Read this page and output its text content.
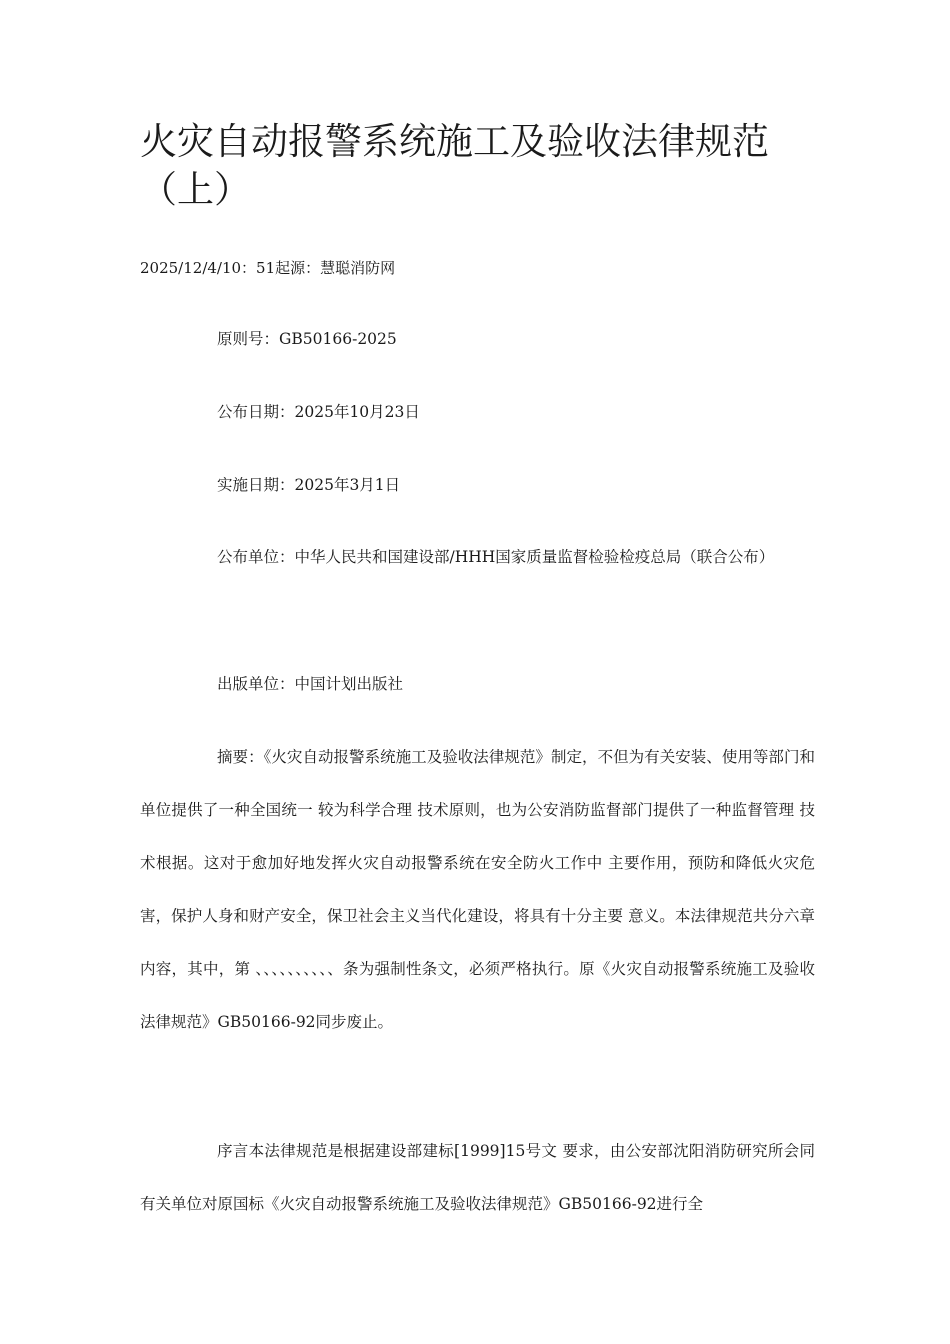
火灾自动报警系统施工及验收法律规范（上）
2025/12/4/10：51起源：慧聪消防网

原则号：GB50166-2025

公布日期：2025年10月23日

实施日期：2025年3月1日

公布单位：中华人民共和国建设部/HHH国家质量监督检验检疫总局（联合公布）

出版单位：中国计划出版社

摘要：《火灾自动报警系统施工及验收法律规范》制定，不但为有关安装、使用等部门和单位提供了一种全国统一 较为科学合理 技术原则，也为公安消防监督部门提供了一种监督管理 技术根据。这对于愈加好地发挥火灾自动报警系统在安全防火工作中 主要作用，预防和降低火灾危害，保护人身和财产安全，保卫社会主义当代化建设，将具有十分主要 意义。本法律规范共分六章内容，其中，第 、、、、、、、、、、条为强制性条文，必须严格执行。原《火灾自动报警系统施工及验收法律规范》GB50166-92同步废止。

序言本法律规范是根据建设部建标[1999]15号文 要求，由公安部沈阳消防研究所会同有关单位对原国标《火灾自动报警系统施工及验收法律规范》GB50166-92进行全
